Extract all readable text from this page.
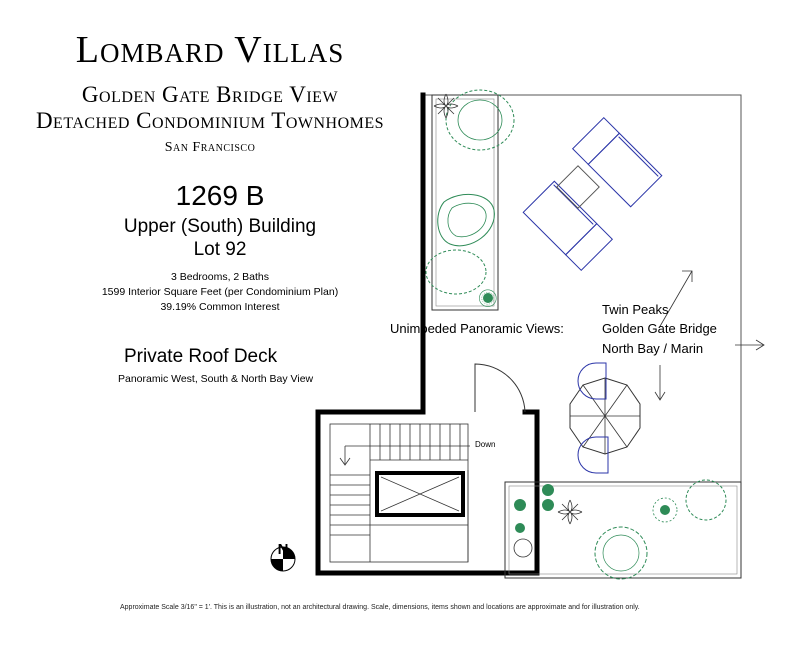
Lombard Villas
Golden Gate Bridge View
Detached Condominium Townhomes
San Francisco
1269 B
Upper (South) Building
Lot 92
3 Bedrooms, 2 Baths
1599 Interior Square Feet (per Condominium Plan)
39.19% Common Interest
Private Roof Deck
Panoramic West, South & North Bay View
N
Twin Peaks
Unimpeded Panoramic Views:	Golden Gate Bridge
North Bay / Marin
Down
Approximate Scale 3/16" = 1'. This is an illustration, not an architectural drawing. Scale, dimensions, items shown and locations are approximate and for illustration only.
